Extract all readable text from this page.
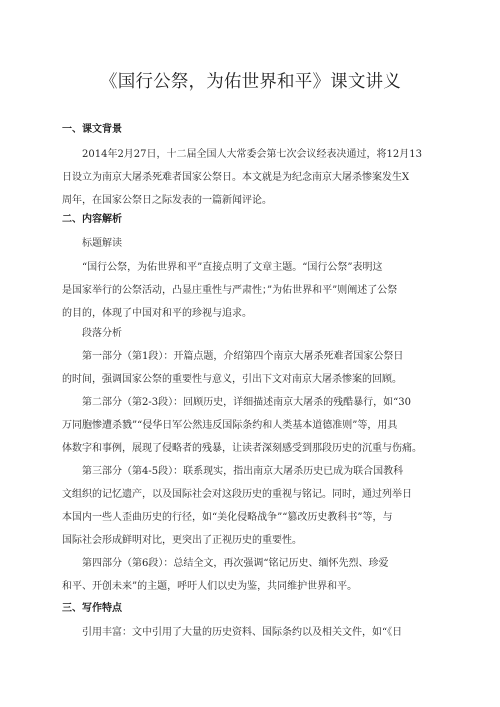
《国行公祭，为佑世界和平》课文讲义
一、课文背景

2014年2月27日，十二届全国人大常委会第七次会议经表决通过，将12月13
日设立为南京大屠杀死难者国家公祭日。本文就是为纪念南京大屠杀惨案发生X
周年，在国家公祭日之际发表的一篇新闻评论。

二、内容解析
标题解读

“国行公祭，为佑世界和平”直接点明了文章主题。“国行公祭”表明这
是国家举行的公祭活动，凸显庄重性与严肃性；”为佑世界和平”则阐述了公祭
的目的，体现了中国对和平的珍视与追求。

段落分析

第一部分（第1段）：开篇点题，介绍第四个南京大屠杀死难者国家公祭日
的时间，强调国家公祭的重要性与意义，引出下文对南京大屠杀惨案的回顾。

第二部分（第2-3段）：回顾历史，详细描述南京大屠杀的残酷暴行，如“30
万同胞惨遭杀戮”“侵华日军公然违反国际条约和人类基本道德准则”等，用具
体数字和事例，展现了侵略者的残暴，让读者深刻感受到那段历史的沉重与伤痛。

第三部分（第4-5段）：联系现实，指出南京大屠杀历史已成为联合国教科
文组织的记忆遗产，以及国际社会对这段历史的重视与铭记。同时，通过列举日
本国内一些人歪曲历史的行径，如“美化侵略战争”“篡改历史教科书”等，与
国际社会形成鲜明对比，更突出了正视历史的重要性。

第四部分（第6段）：总结全文，再次强调“铭记历史、缅怀先烈、珍爱
和平、开创未来”的主题，呼吁人们以史为鉴，共同维护世界和平。

三、写作特点

引用丰富：文中引用了大量的历史资料、国际条约以及相关文件，如“《日
